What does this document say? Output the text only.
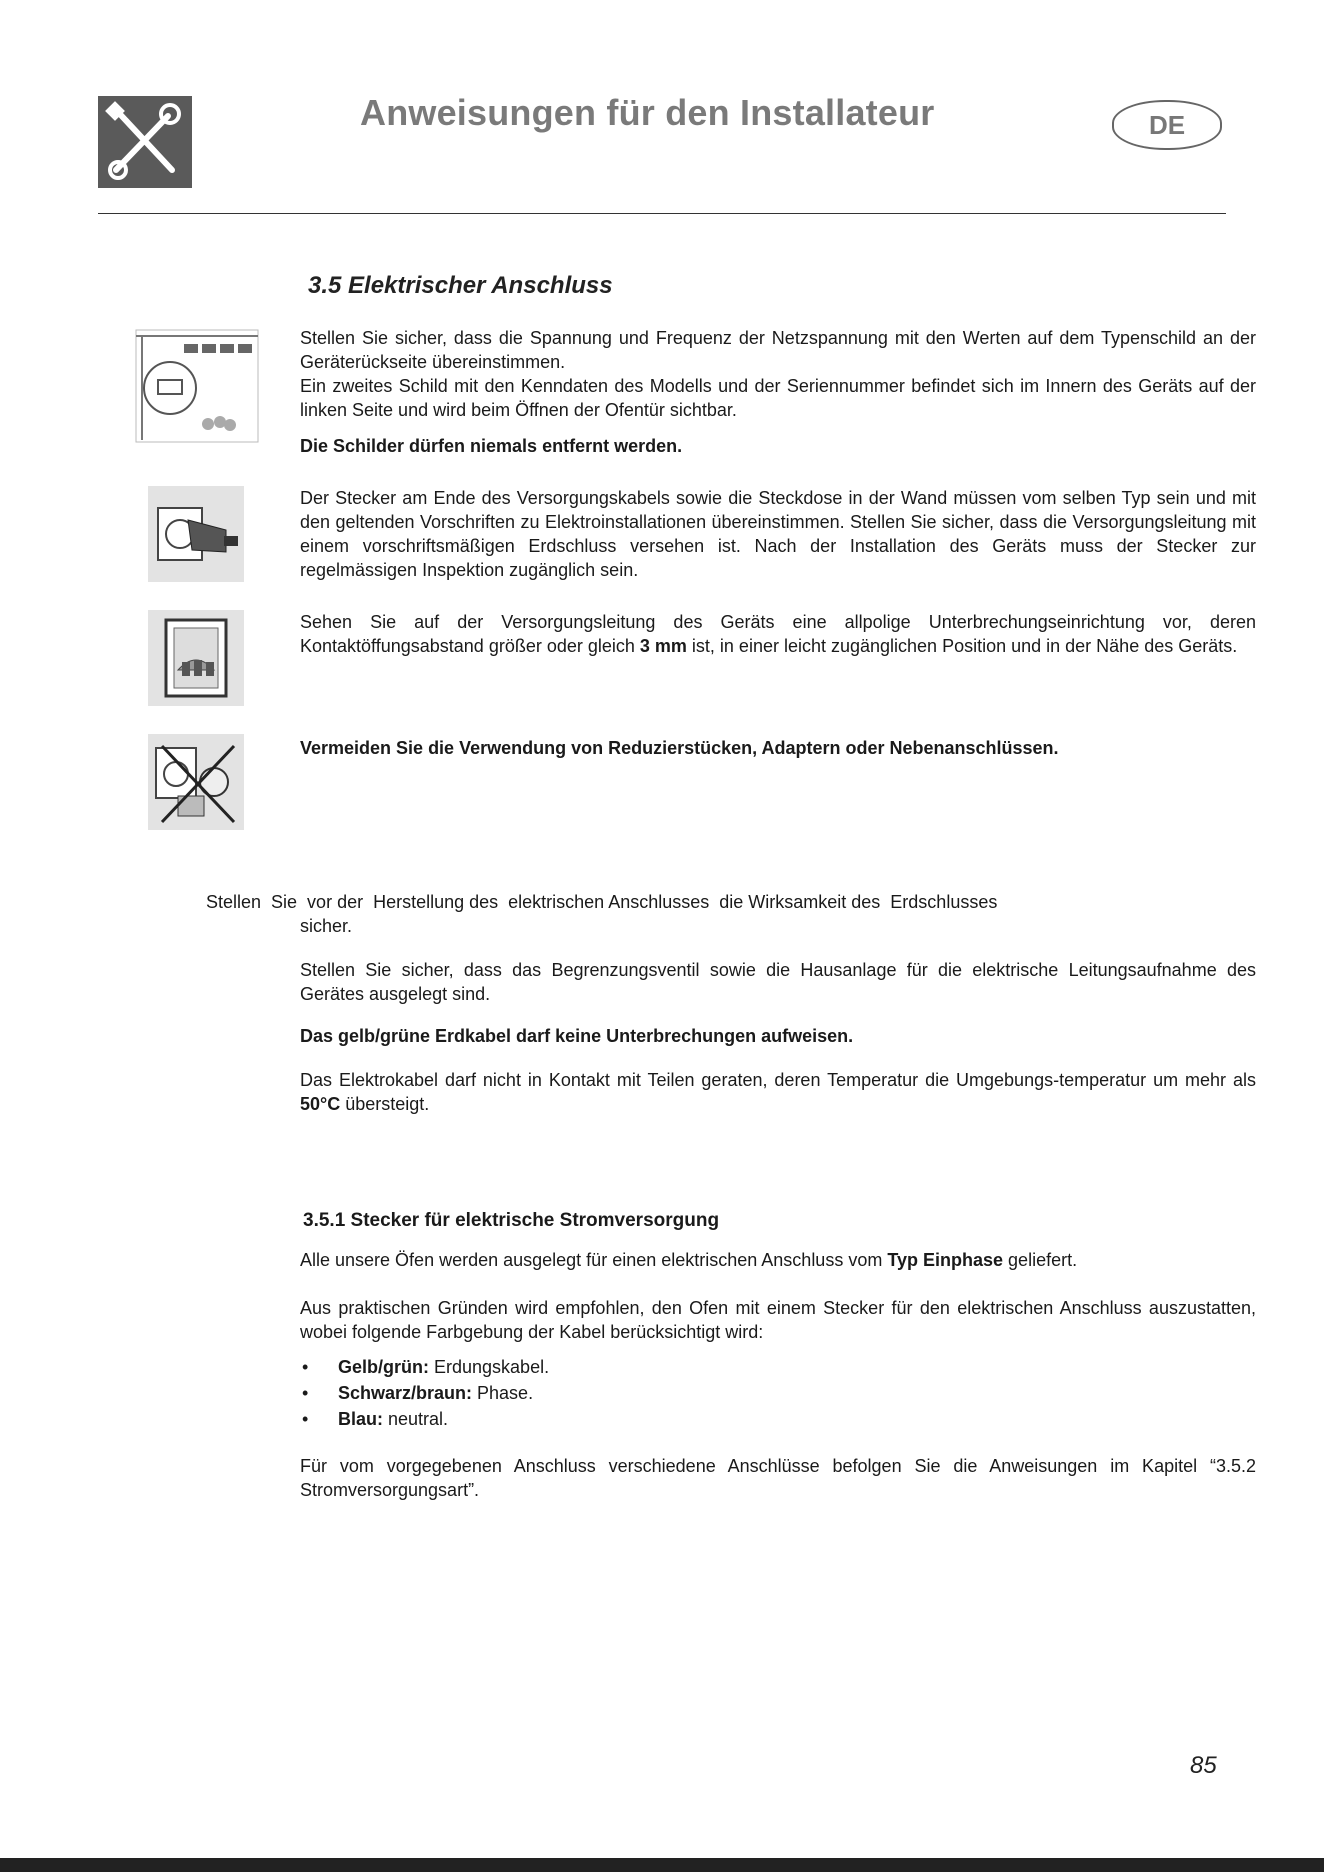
Anweisungen für den Installateur	DE
3.5 Elektrischer Anschluss
Stellen Sie sicher, dass die Spannung und Frequenz der Netzspannung mit den Werten auf dem Typenschild an der Geräterückseite übereinstimmen.
Ein zweites Schild mit den Kenndaten des Modells und der Seriennummer befindet sich im Innern des Geräts auf der linken Seite und wird beim Öffnen der Ofentür sichtbar.
Die Schilder dürfen niemals entfernt werden.
Der Stecker am Ende des Versorgungskabels sowie die Steckdose in der Wand müssen vom selben Typ sein und mit den geltenden Vorschriften zu Elektroinstallationen übereinstimmen. Stellen Sie sicher, dass die Versorgungsleitung mit einem vorschriftsmäßigen Erdschluss versehen ist. Nach der Installation des Geräts muss der Stecker zur regelmässigen Inspektion zugänglich sein.
Sehen Sie auf der Versorgungsleitung des Geräts eine allpolige Unterbrechungseinrichtung vor, deren Kontaktöffungsabstand größer oder gleich 3 mm ist, in einer leicht zugänglichen Position und in der Nähe des Geräts.
Vermeiden Sie die Verwendung von Reduzierstücken, Adaptern oder Nebenanschlüssen.
Stellen  Sie  vor der  Herstellung des  elektrischen Anschlusses  die Wirksamkeit des  Erdschlusses
sicher.
Stellen Sie sicher, dass das Begrenzungsventil sowie die Hausanlage für die elektrische Leitungsaufnahme des Gerätes ausgelegt sind.
Das gelb/grüne Erdkabel darf keine Unterbrechungen aufweisen.
Das Elektrokabel darf nicht in Kontakt mit Teilen geraten, deren Temperatur die Umgebungs-temperatur um mehr als 50°C übersteigt.
3.5.1 Stecker für elektrische Stromversorgung
Alle unsere Öfen werden ausgelegt für einen elektrischen Anschluss vom Typ Einphase geliefert.
Aus praktischen Gründen wird empfohlen, den Ofen mit einem Stecker für den elektrischen Anschluss auszustatten, wobei folgende Farbgebung der Kabel berücksichtigt wird:
• Gelb/grün: Erdungskabel.
• Schwarz/braun: Phase.
• Blau: neutral.
Für vom vorgegebenen Anschluss verschiedene Anschlüsse befolgen Sie die Anweisungen im Kapitel “3.5.2 Stromversorgungsart”.
85
